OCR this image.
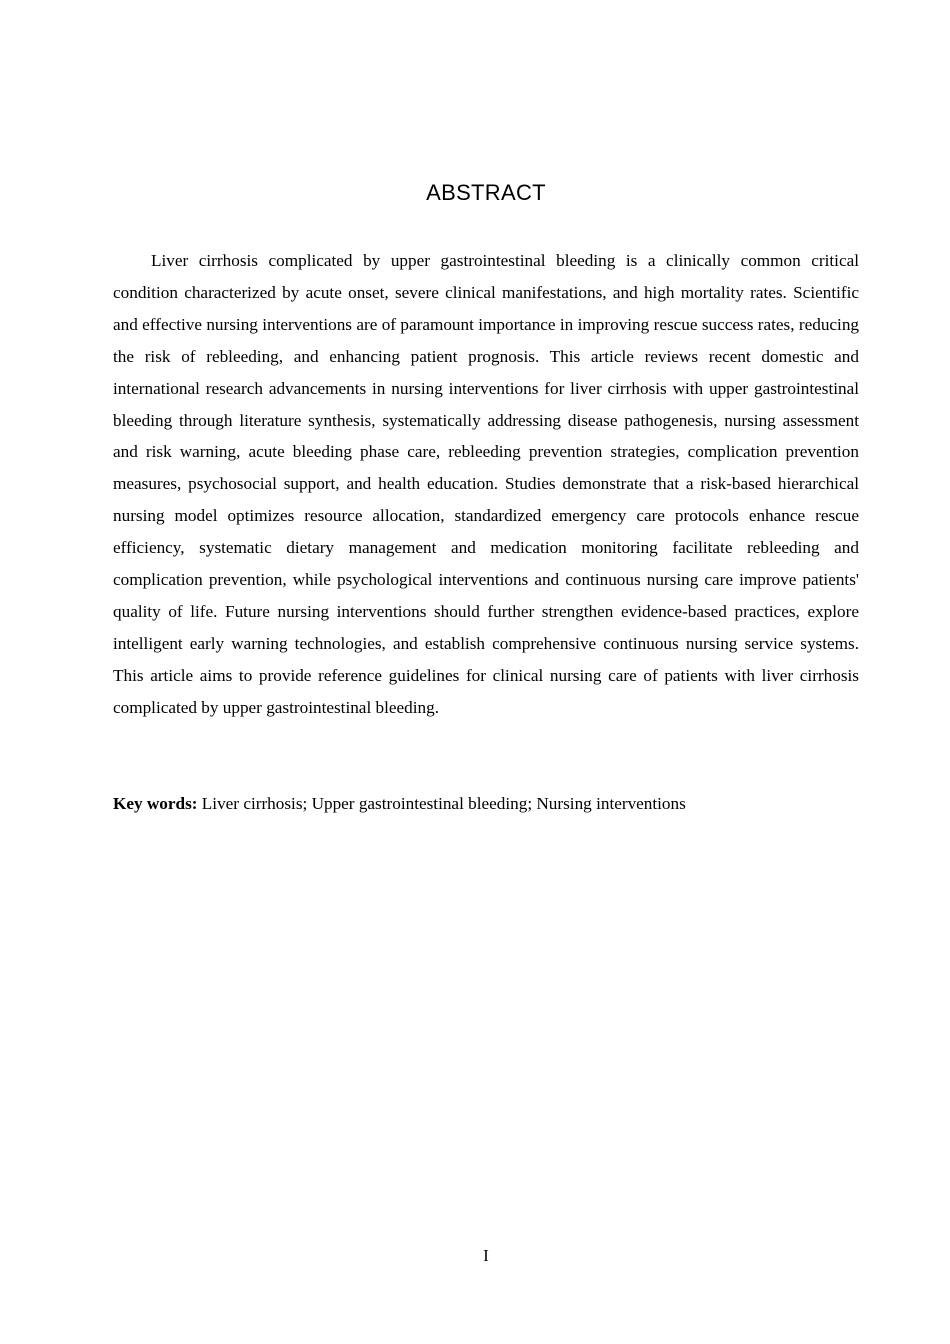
ABSTRACT

Liver cirrhosis complicated by upper gastrointestinal bleeding is a clinically common critical condition characterized by acute onset, severe clinical manifestations, and high mortality rates. Scientific and effective nursing interventions are of paramount importance in improving rescue success rates, reducing the risk of rebleeding, and enhancing patient prognosis. This article reviews recent domestic and international research advancements in nursing interventions for liver cirrhosis with upper gastrointestinal bleeding through literature synthesis, systematically addressing disease pathogenesis, nursing assessment and risk warning, acute bleeding phase care, rebleeding prevention strategies, complication prevention measures, psychosocial support, and health education. Studies demonstrate that a risk-based hierarchical nursing model optimizes resource allocation, standardized emergency care protocols enhance rescue efficiency, systematic dietary management and medication monitoring facilitate rebleeding and complication prevention, while psychological interventions and continuous nursing care improve patients' quality of life. Future nursing interventions should further strengthen evidence-based practices, explore intelligent early warning technologies, and establish comprehensive continuous nursing service systems. This article aims to provide reference guidelines for clinical nursing care of patients with liver cirrhosis complicated by upper gastrointestinal bleeding.

Key words: Liver cirrhosis; Upper gastrointestinal bleeding; Nursing interventions

I
